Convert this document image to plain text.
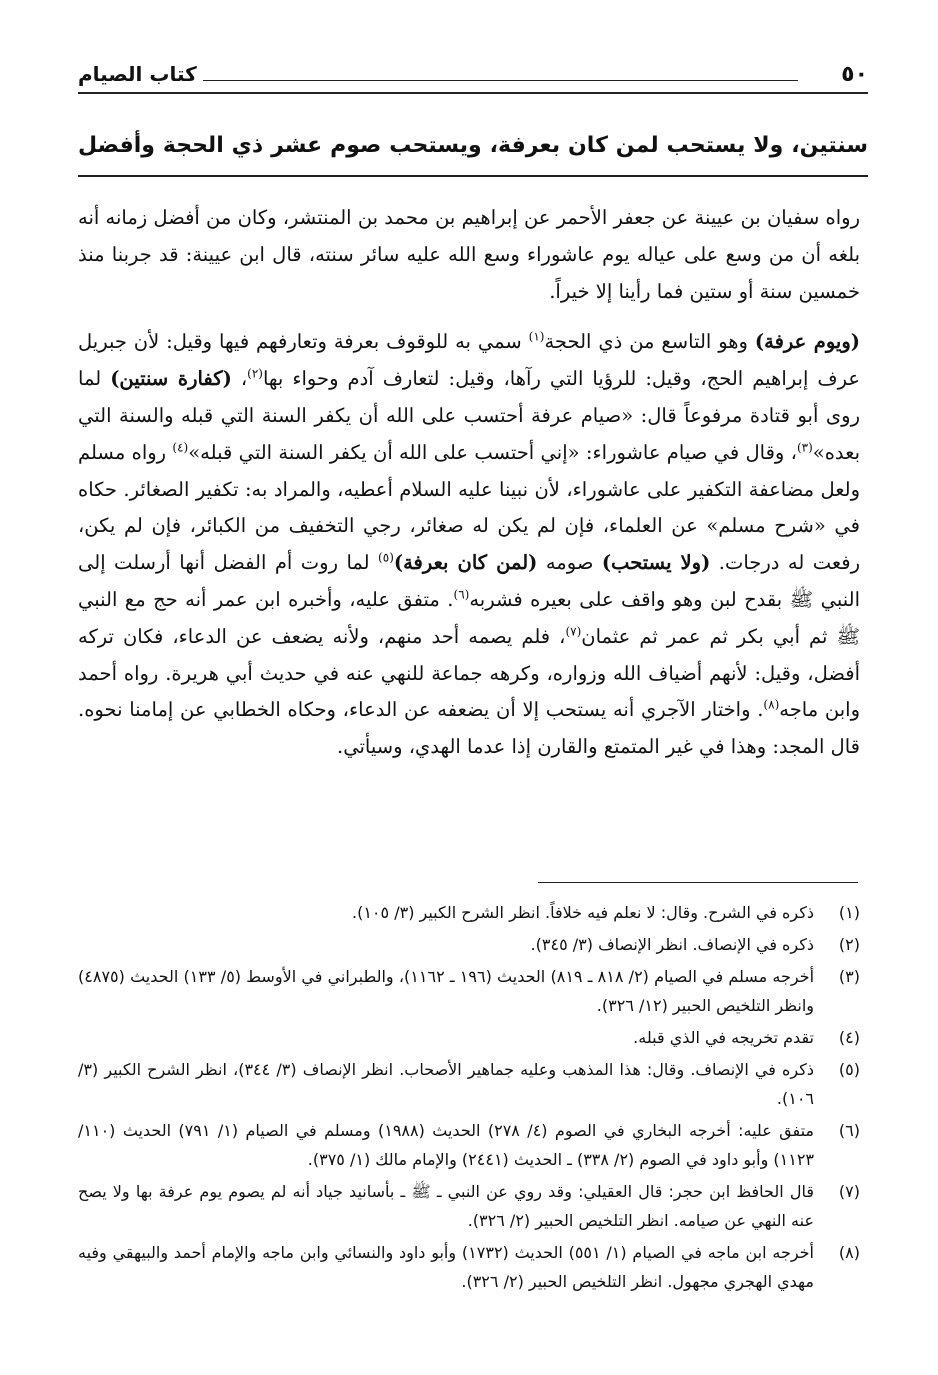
٥٠
كتاب الصيام
سنتين، ولا يستحب لمن كان بعرفة، ويستحب صوم عشر ذي الحجة وأفضل

رواه سفيان بن عيينة عن جعفر الأحمر عن إبراهيم بن محمد بن المنتشر، وكان من أفضل زمانه أنه بلغه أن من وسع على عياله يوم عاشوراء وسع الله عليه سائر سنته، قال ابن عيينة: قد جربنا منذ خمسين سنة أو ستين فما رأينا إلا خيراً.

(ويوم عرفة) وهو التاسع من ذي الحجة$^{(١)}$ سمي به للوقوف بعرفة وتعارفهم فيها وقيل: لأن جبريل عرف إبراهيم الحج، وقيل: للرؤيا التي رآها، وقيل: لتعارف آدم وحواء بها$^{(٢)}$، (كفارة سنتين) لما روى أبو قتادة مرفوعاً قال: «صيام عرفة أحتسب على الله أن يكفر السنة التي قبله والسنة التي بعده»$^{(٣)}$، وقال في صيام عاشوراء: «إني أحتسب على الله أن يكفر السنة التي قبله»$^{(٤)}$ رواه مسلم ولعل مضاعفة التكفير على عاشوراء، لأن نبينا عليه السلام أعطيه، والمراد به: تكفير الصغائر. حكاه في «شرح مسلم» عن العلماء، فإن لم يكن له صغائر، رجي التخفيف من الكبائر، فإن لم يكن، رفعت له درجات. (ولا يستحب) صومه (لمن كان بعرفة)$^{(٥)}$ لما روت أم الفضل أنها أرسلت إلى النبي ﷺ بقدح لبن وهو واقف على بعيره فشربه$^{(٦)}$. متفق عليه، وأخبره ابن عمر أنه حج مع النبي ﷺ ثم أبي بكر ثم عمر ثم عثمان$^{(٧)}$، فلم يصمه أحد منهم، ولأنه يضعف عن الدعاء، فكان تركه أفضل، وقيل: لأنهم أضياف الله وزواره، وكرهه جماعة للنهي عنه في حديث أبي هريرة. رواه أحمد وابن ماجه$^{(٨)}$. واختار الآجري أنه يستحب إلا أن يضعفه عن الدعاء، وحكاه الخطابي عن إمامنا نحوه. قال المجد: وهذا في غير المتمتع والقارن إذا عدما الهدي، وسيأتي.

(١)
ذكره في الشرح. وقال: لا نعلم فيه خلافاً. انظر الشرح الكبير (٣/ ١٠٥).
(٢)
ذكره في الإنصاف. انظر الإنصاف (٣/ ٣٤٥).
(٣)
أخرجه مسلم في الصيام (٢/ ٨١٨ ـ ٨١٩) الحديث (١٩٦ ـ ١١٦٢)، والطبراني في الأوسط (٥/ ١٣٣) الحديث (٤٨٧٥) وانظر التلخيص الحبير (١٢/ ٣٢٦).
(٤)
تقدم تخريجه في الذي قبله.
(٥)
ذكره في الإنصاف. وقال: هذا المذهب وعليه جماهير الأصحاب. انظر الإنصاف (٣/ ٣٤٤)، انظر الشرح الكبير (٣/ ١٠٦).
(٦)
متفق عليه: أخرجه البخاري في الصوم (٤/ ٢٧٨) الحديث (١٩٨٨) ومسلم في الصيام (١/ ٧٩١) الحديث (١١٠/ ١١٢٣) وأبو داود في الصوم (٢/ ٣٣٨) ـ الحديث (٢٤٤١) والإمام مالك (١/ ٣٧٥).
(٧)
قال الحافظ ابن حجر: قال العقيلي: وقد روي عن النبي ـ ﷺ ـ بأسانيد جياد أنه لم يصوم يوم عرفة بها ولا يصح عنه النهي عن صيامه. انظر التلخيص الحبير (٢/ ٣٢٦).
(٨)
أخرجه ابن ماجه في الصيام (١/ ٥٥١) الحديث (١٧٣٢) وأبو داود والنسائي وابن ماجه والإمام أحمد والبيهقي وفيه مهدي الهجري مجهول. انظر التلخيص الحبير (٢/ ٣٢٦).
